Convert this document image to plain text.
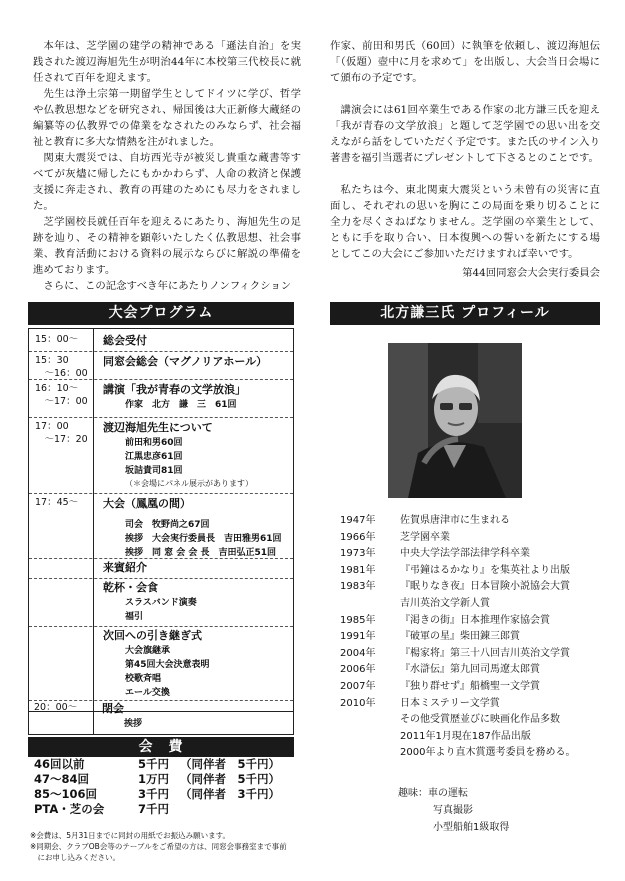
本年は、芝学園の建学の精神である「遜法自治」を実践された渡辺海旭先生が明治44年に本校第三代校長に就任されて百年を迎えます。

先生は浄土宗第一期留学生としてドイツに学び、哲学や仏教思想などを研究され、帰国後は大正新修大蔵経の編纂等の仏教界での偉業をなされたのみならず、社会福祉と教育に多大な情熱を注がれました。

関東大震災では、自坊西光寺が被災し貴重な蔵書等すべてが灰燼に帰したにもかかわらず、人命の救済と保護支援に奔走され、教育の再建のためにも尽力をされました。

芝学園校長就任百年を迎えるにあたり、海旭先生の足跡を辿り、その精神を顕彰いたしたく仏教思想、社会事業、教育活動における資料の展示ならびに解説の準備を進めております。

さらに、この記念すべき年にあたりノンフィクション

作家、前田和男氏（60回）に執筆を依頼し、渡辺海旭伝「（仮題）壺中に月を求めて」を出版し、大会当日会場にて頒布の予定です。

講演会には61回卒業生である作家の北方謙三氏を迎え「我が青春の文学放浪」と題して芝学園での思い出を交えながら話をしていただく予定です。また氏のサイン入り著書を福引当選者にプレゼントして下さるとのことです。

私たちは今、東北関東大震災という未曾有の災害に直面し、それぞれの思いを胸にこの局面を乗り切ることに全力を尽くさねばなりません。芝学園の卒業生として、ともに手を取り合い、日本復興への誓いを新たにする場としてこの大会にご参加いただけますれば幸いです。

第44回同窓会大会実行委員会

大会プログラム
15：00～	総会受付
15：30
　～16：00
同窓会総会（マグノリアホール）
16：10～
　～17：00
講演「我が青春の文学放浪」
作家　北方　謙　三　61回
17：00
　～17：20
渡辺海旭先生について
前田和男60回
江黒忠彦61回
坂詰貴司81回
（＊会場にパネル展示があります）
17：45～	大会（鳳凰の間）
司会　牧野尚之67回
挨拶　大会実行委員長　吉田雅男61回
挨拶　同 窓 会 会 長　吉田弘正51回
来賓紹介
乾杯・会食
スラスバンド演奏
福引
次回への引き継ぎ式
大会旗継承
第45回大会決意表明
校歌斉唱
エール交換
20：00～	閉会
挨拶
会　費
46回以前	5千円 （同伴者　5千円）
47～84回	1万円 （同伴者　5千円）
85～106回	3千円 （同伴者　3千円）
PTA・芝の会	7千円
※会費は、5月31日までに同封の用紙でお振込み願います。
※同期会、クラブOB会等のテーブルをご希望の方は、同窓会事務室まで事前
　にお申し込みください。
北方謙三氏 プロフィール
1947年	佐賀県唐津市に生まれる
1966年	芝学園卒業
1973年	中央大学法学部法律学科卒業
1981年	『弔鐘はるかなり』を集英社より出版
1983年	『眠りなき夜』日本冒険小説協会大賞
吉川英治文学新人賞
1985年	『渇きの街』日本推理作家協会賞
1991年	『破軍の星』柴田錬三郎賞
2004年	『楊家将』第三十八回吉川英治文学賞
2006年	『水滸伝』第九回司馬遼太郎賞
2007年	『独り群せず』船橋聖一文学賞
2010年	日本ミステリー文学賞
その他受賞歴並びに映画化作品多数
2011年1月現在187作品出版
2000年より直木賞選考委員を務める。
趣味：車の運転
写真撮影
小型船舶1級取得
